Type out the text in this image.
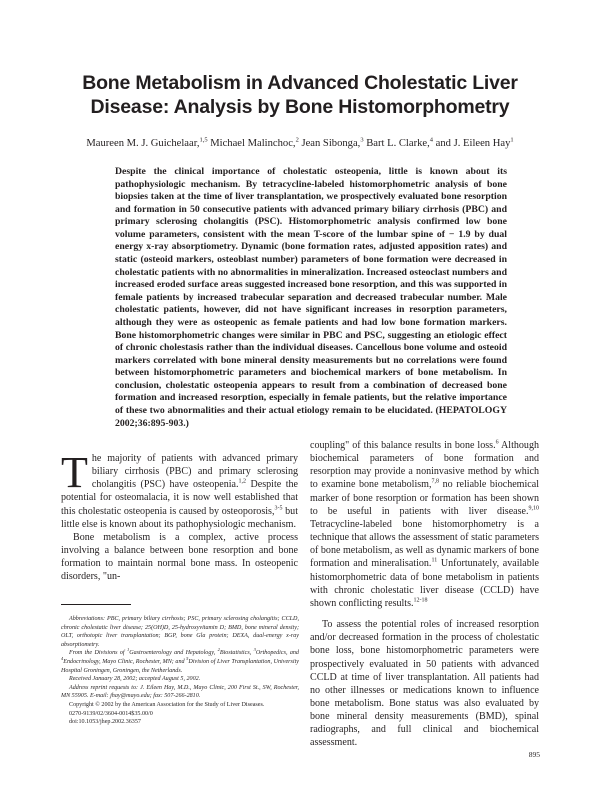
Bone Metabolism in Advanced Cholestatic Liver
Disease: Analysis by Bone Histomorphometry
Maureen M. J. Guichelaar,$^{1,5}$ Michael Malinchoc,$^2$ Jean Sibonga,$^3$ Bart L. Clarke,$^4$ and J. Eileen Hay$^1$
Despite the clinical importance of cholestatic osteopenia, little is known about its pathophysiologic mechanism. By tetracycline-labeled histomorphometric analysis of bone biopsies taken at the time of liver transplantation, we prospectively evaluated bone resorption and formation in 50 consecutive patients with advanced primary biliary cirrhosis (PBC) and primary sclerosing cholangitis (PSC). Histomorphometric analysis confirmed low bone volume parameters, consistent with the mean T-score of the lumbar spine of − 1.9 by dual energy x-ray absorptiometry. Dynamic (bone formation rates, adjusted apposition rates) and static (osteoid markers, osteoblast number) parameters of bone formation were decreased in cholestatic patients with no abnormalities in mineralization. Increased osteoclast numbers and increased eroded surface areas suggested increased bone resorption, and this was supported in female patients by increased trabecular separation and decreased trabecular number. Male cholestatic patients, however, did not have significant increases in resorption parameters, although they were as osteopenic as female patients and had low bone formation markers. Bone histomorphometric changes were similar in PBC and PSC, suggesting an etiologic effect of chronic cholestasis rather than the individual diseases. Cancellous bone volume and osteoid markers correlated with bone mineral density measurements but no correlations were found between histomorphometric parameters and biochemical markers of bone metabolism. In conclusion, cholestatic osteopenia appears to result from a combination of decreased bone formation and increased resorption, especially in female patients, but the relative importance of these two abnormalities and their actual etiology remain to be elucidated. (HEPATOLOGY 2002;36:895-903.)

The majority of patients with advanced primary biliary cirrhosis (PBC) and primary sclerosing cholangitis (PSC) have osteopenia.$^{1,2}$ Despite the potential for osteomalacia, it is now well established that this cholestatic osteopenia is caused by osteoporosis,$^{3-5}$ but little else is known about its pathophysiologic mechanism.

Bone metabolism is a complex, active process involving a balance between bone resorption and bone formation to maintain normal bone mass. In osteopenic disorders, "un-

Abbreviations: PBC, primary biliary cirrhosis; PSC, primary sclerosing cholangitis; CCLD, chronic cholestatic liver disease; 25(OH)D, 25-hydroxyvitamin D; BMD, bone mineral density; OLT, orthotopic liver transplantation; BGP, bone Gla protein; DEXA, dual-energy x-ray absorptiometry.

From the Divisions of $^1$Gastroenterology and Hepatology, $^2$Biostatistics, $^3$Orthopedics, and $^4$Endocrinology, Mayo Clinic, Rochester, MN; and $^5$Division of Liver Transplantation, University Hospital Groningen, Groningen, the Netherlands.

Received January 28, 2002; accepted August 5, 2002.

Address reprint requests to: J. Eileen Hay, M.D., Mayo Clinic, 200 First St., SW, Rochester, MN 55905. E-mail: jhay@mayo.edu; fax: 507-266-2810.

Copyright © 2002 by the American Association for the Study of Liver Diseases.

0270-9139/02/3604-0014$35.00/0

doi:10.1053/jhep.2002.36357

coupling" of this balance results in bone loss.$^6$ Although biochemical parameters of bone formation and resorption may provide a noninvasive method by which to examine bone metabolism,$^{7,8}$ no reliable biochemical marker of bone resorption or formation has been shown to be useful in patients with liver disease.$^{9,10}$ Tetracycline-labeled bone histomorphometry is a technique that allows the assessment of static parameters of bone metabolism, as well as dynamic markers of bone formation and mineralisation.$^{11}$ Unfortunately, available histomorphometric data of bone metabolism in patients with chronic cholestatic liver disease (CCLD) have shown conflicting results.$^{12-18}$

To assess the potential roles of increased resorption and/or decreased formation in the process of cholestatic bone loss, bone histomorphometric parameters were prospectively evaluated in 50 patients with advanced CCLD at time of liver transplantation. All patients had no other illnesses or medications known to influence bone metabolism. Bone status was also evaluated by bone mineral density measurements (BMD), spinal radiographs, and full clinical and biochemical assessment.

895
